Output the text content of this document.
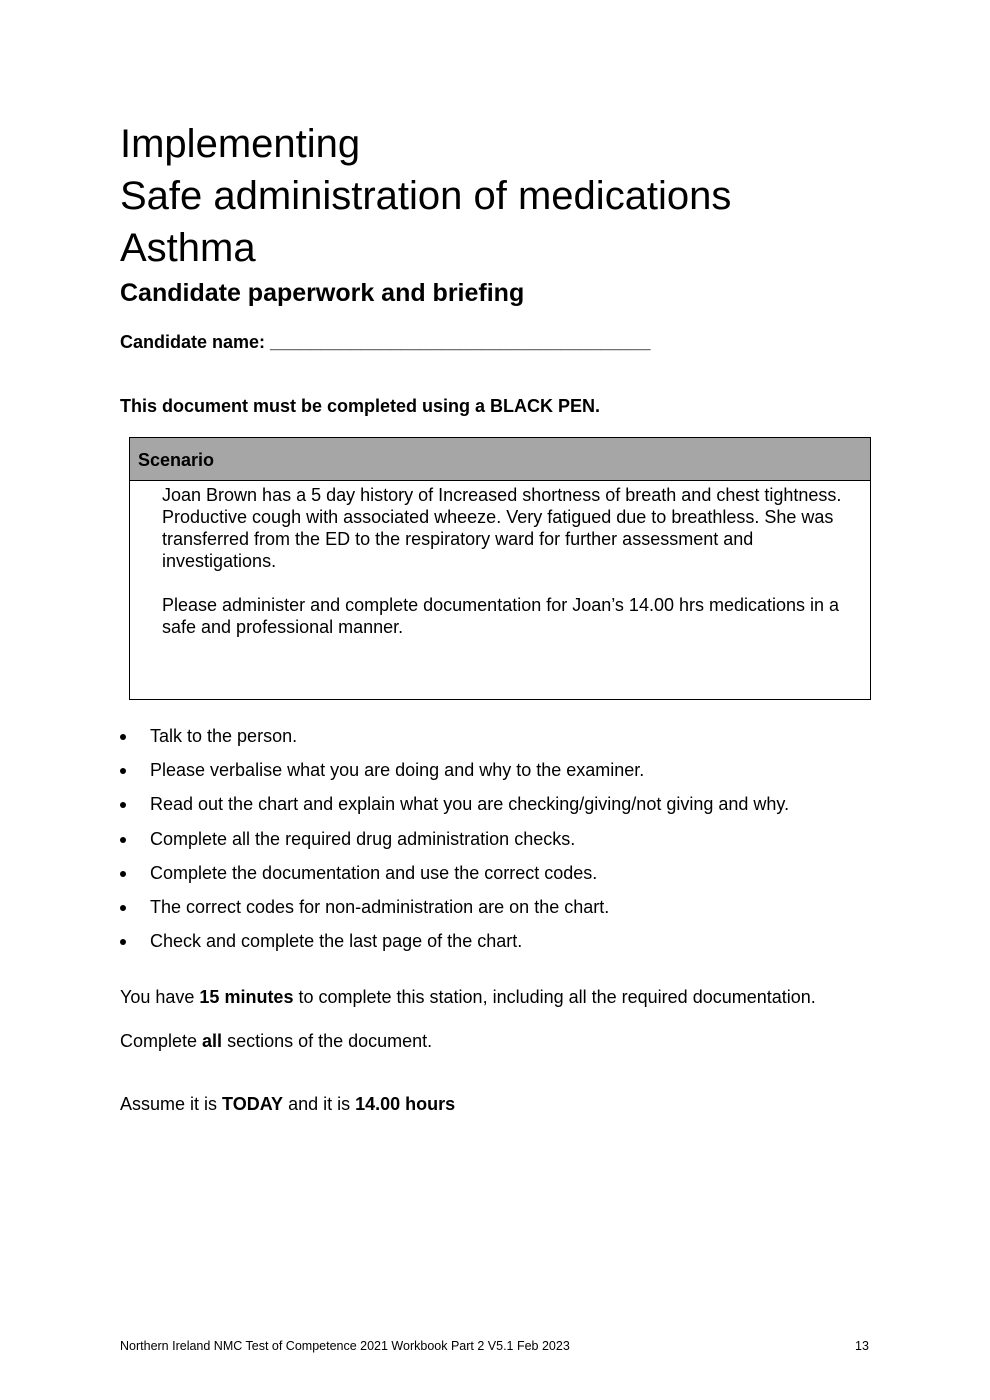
Implementing
Safe administration of medications
Asthma
Candidate paperwork and briefing
Candidate name: ______________________________________
This document must be completed using a BLACK PEN.
Scenario

Joan Brown has a 5 day history of Increased shortness of breath and chest tightness. Productive cough with associated wheeze. Very fatigued due to breathless. She was transferred from the ED to the respiratory ward for further assessment and investigations.

Please administer and complete documentation for Joan’s 14.00 hrs medications in a safe and professional manner.

Talk to the person.
Please verbalise what you are doing and why to the examiner.
Read out the chart and explain what you are checking/giving/not giving and why.
Complete all the required drug administration checks.
Complete the documentation and use the correct codes.
The correct codes for non-administration are on the chart.
Check and complete the last page of the chart.
You have 15 minutes to complete this station, including all the required documentation.
Complete all sections of the document.
Assume it is TODAY and it is 14.00 hours
Northern Ireland NMC Test of Competence 2021 Workbook Part 2 V5.1 Feb 2023	13
